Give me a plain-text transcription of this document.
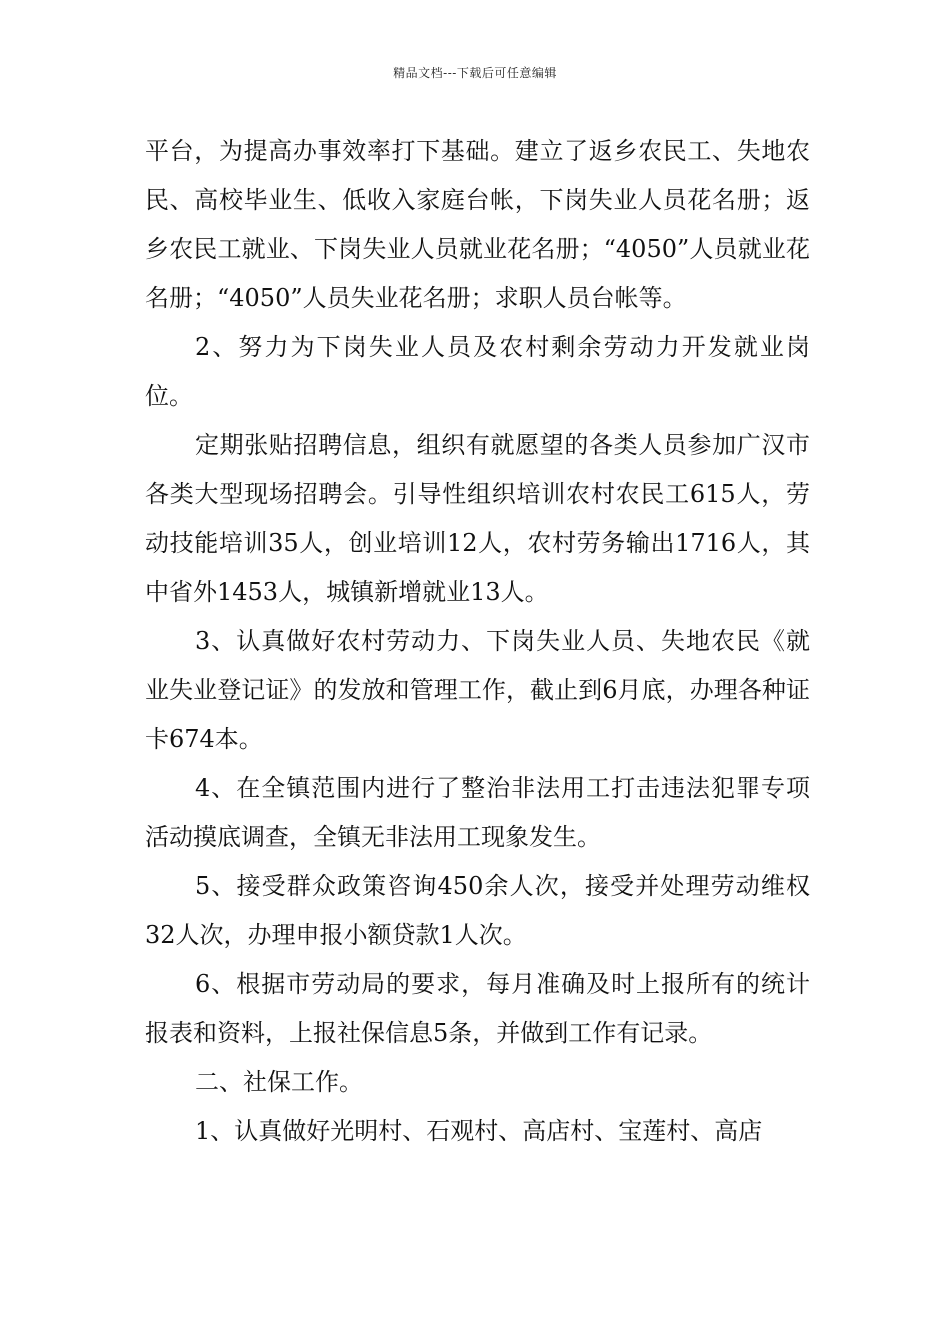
精品文档---下载后可任意编辑

平台，为提高办事效率打下基础。建立了返乡农民工、失地农民、高校毕业生、低收入家庭台帐，下岗失业人员花名册；返乡农民工就业、下岗失业人员就业花名册；“4050”人员就业花名册；“4050”人员失业花名册；求职人员台帐等。

2、努力为下岗失业人员及农村剩余劳动力开发就业岗位。

定期张贴招聘信息，组织有就愿望的各类人员参加广汉市各类大型现场招聘会。引导性组织培训农村农民工615人，劳动技能培训35人，创业培训12人，农村劳务输出1716人，其中省外1453人，城镇新增就业13人。

3、认真做好农村劳动力、下岗失业人员、失地农民《就业失业登记证》的发放和管理工作，截止到6月底，办理各种证卡674本。

4、在全镇范围内进行了整治非法用工打击违法犯罪专项活动摸底调查，全镇无非法用工现象发生。

5、接受群众政策咨询450余人次，接受并处理劳动维权32人次，办理申报小额贷款1人次。

6、根据市劳动局的要求，每月准确及时上报所有的统计报表和资料，上报社保信息5条，并做到工作有记录。

二、社保工作。

1、认真做好光明村、石观村、高店村、宝莲村、高店
